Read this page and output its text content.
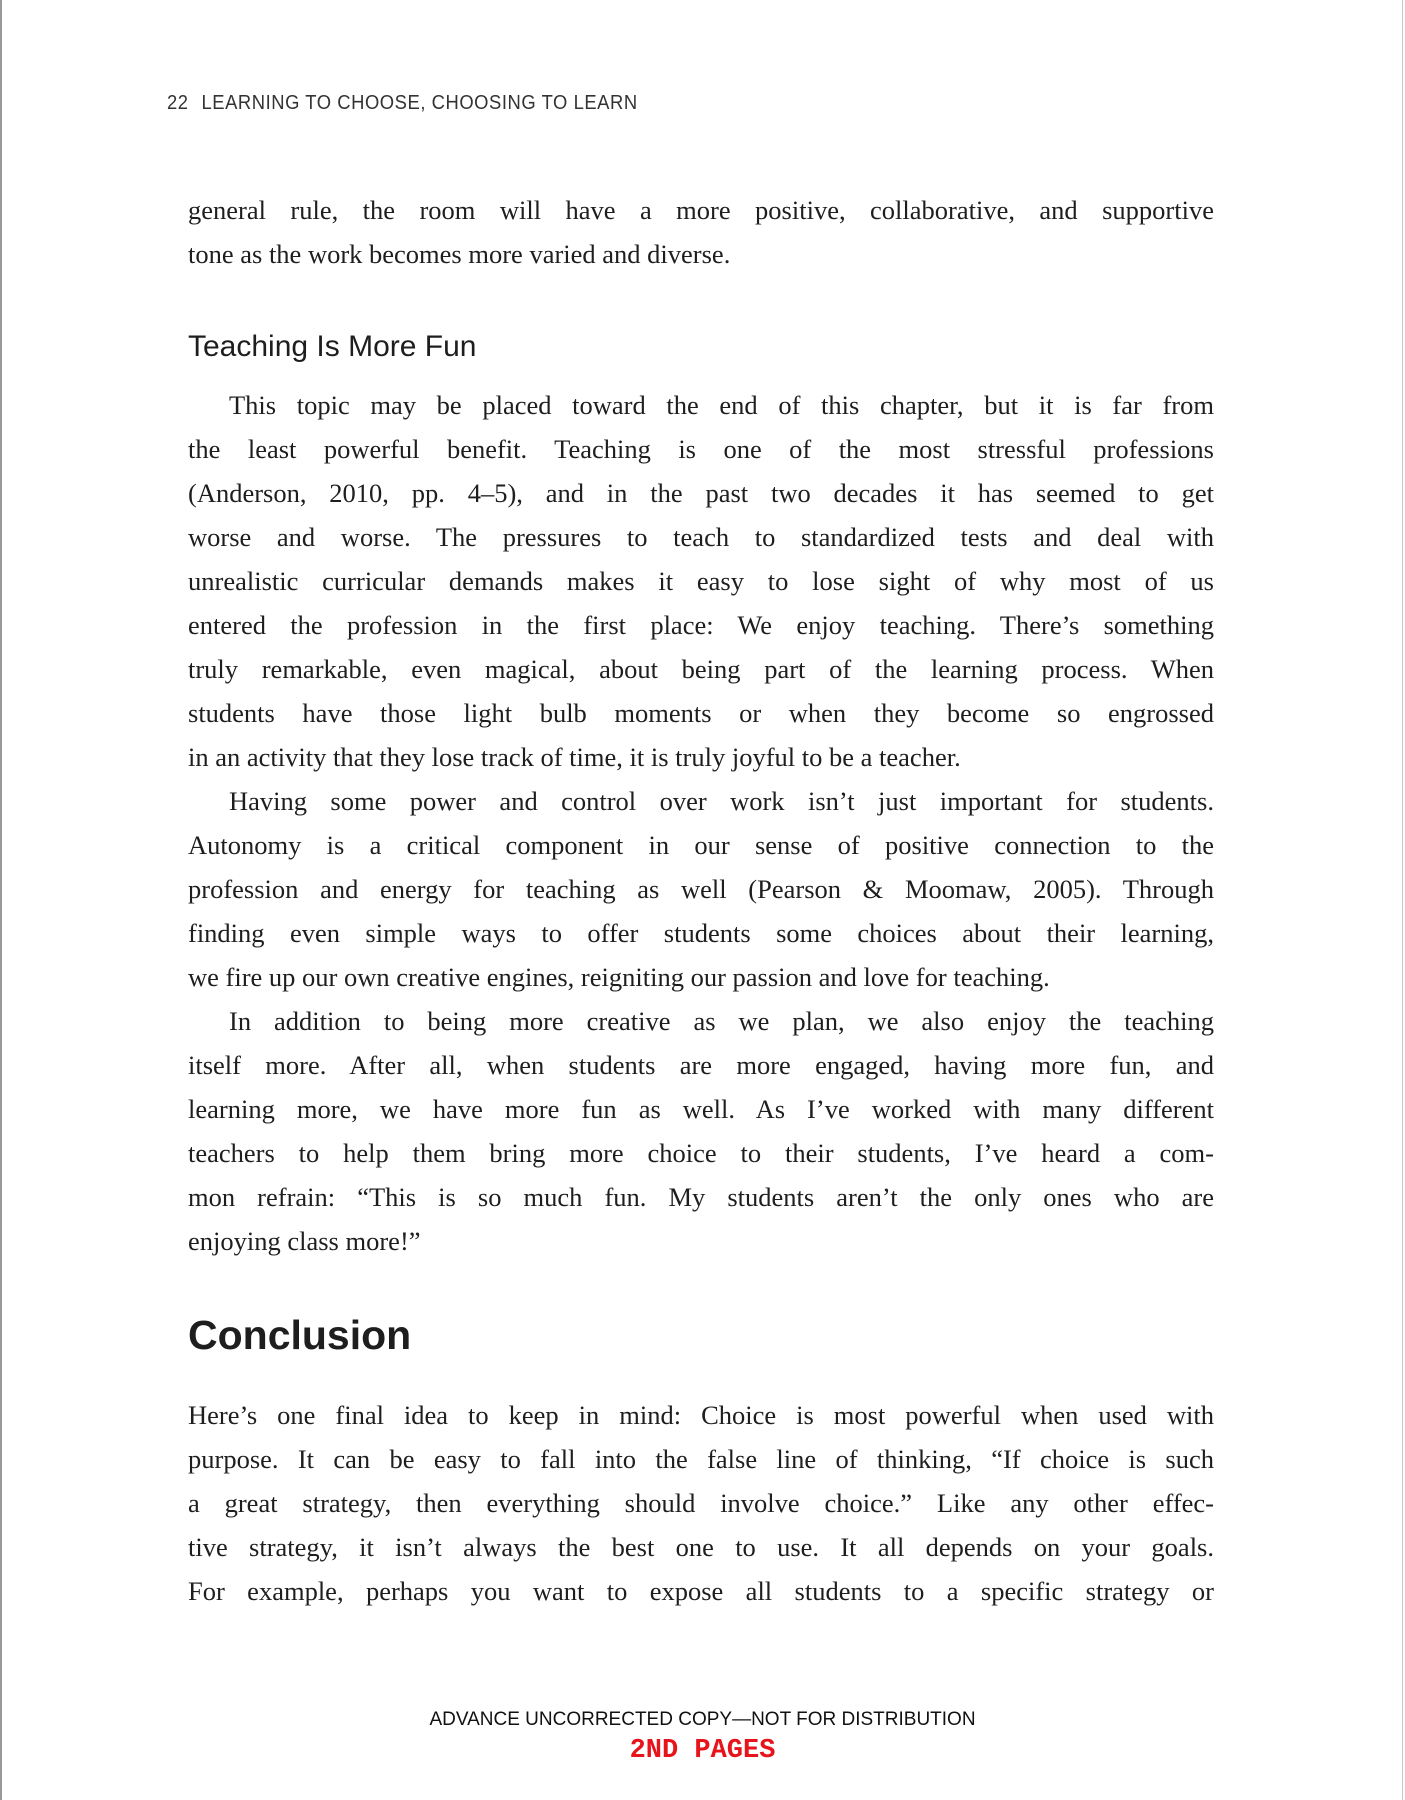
22 LEARNING TO CHOOSE, CHOOSING TO LEARN
general rule, the room will have a more positive, collaborative, and supportive
tone as the work becomes more varied and diverse.
Teaching Is More Fun
This topic may be placed toward the end of this chapter, but it is far from
the least powerful benefit. Teaching is one of the most stressful professions
(Anderson, 2010, pp. 4–5), and in the past two decades it has seemed to get
worse and worse. The pressures to teach to standardized tests and deal with
unrealistic curricular demands makes it easy to lose sight of why most of us
entered the profession in the first place: We enjoy teaching. There’s something
truly remarkable, even magical, about being part of the learning process. When
students have those light bulb moments or when they become so engrossed
in an activity that they lose track of time, it is truly joyful to be a teacher.
Having some power and control over work isn’t just important for students.
Autonomy is a critical component in our sense of positive connection to the
profession and energy for teaching as well (Pearson & Moomaw, 2005). Through
finding even simple ways to offer students some choices about their learning,
we fire up our own creative engines, reigniting our passion and love for teaching.
In addition to being more creative as we plan, we also enjoy the teaching
itself more. After all, when students are more engaged, having more fun, and
learning more, we have more fun as well. As I’ve worked with many different
teachers to help them bring more choice to their students, I’ve heard a com-
mon refrain: “This is so much fun. My students aren’t the only ones who are
enjoying class more!”
Conclusion
Here’s one final idea to keep in mind: Choice is most powerful when used with
purpose. It can be easy to fall into the false line of thinking, “If choice is such
a great strategy, then everything should involve choice.” Like any other effec-
tive strategy, it isn’t always the best one to use. It all depends on your goals.
For example, perhaps you want to expose all students to a specific strategy or
ADVANCE UNCORRECTED COPY—NOT FOR DISTRIBUTION
2ND PAGES
